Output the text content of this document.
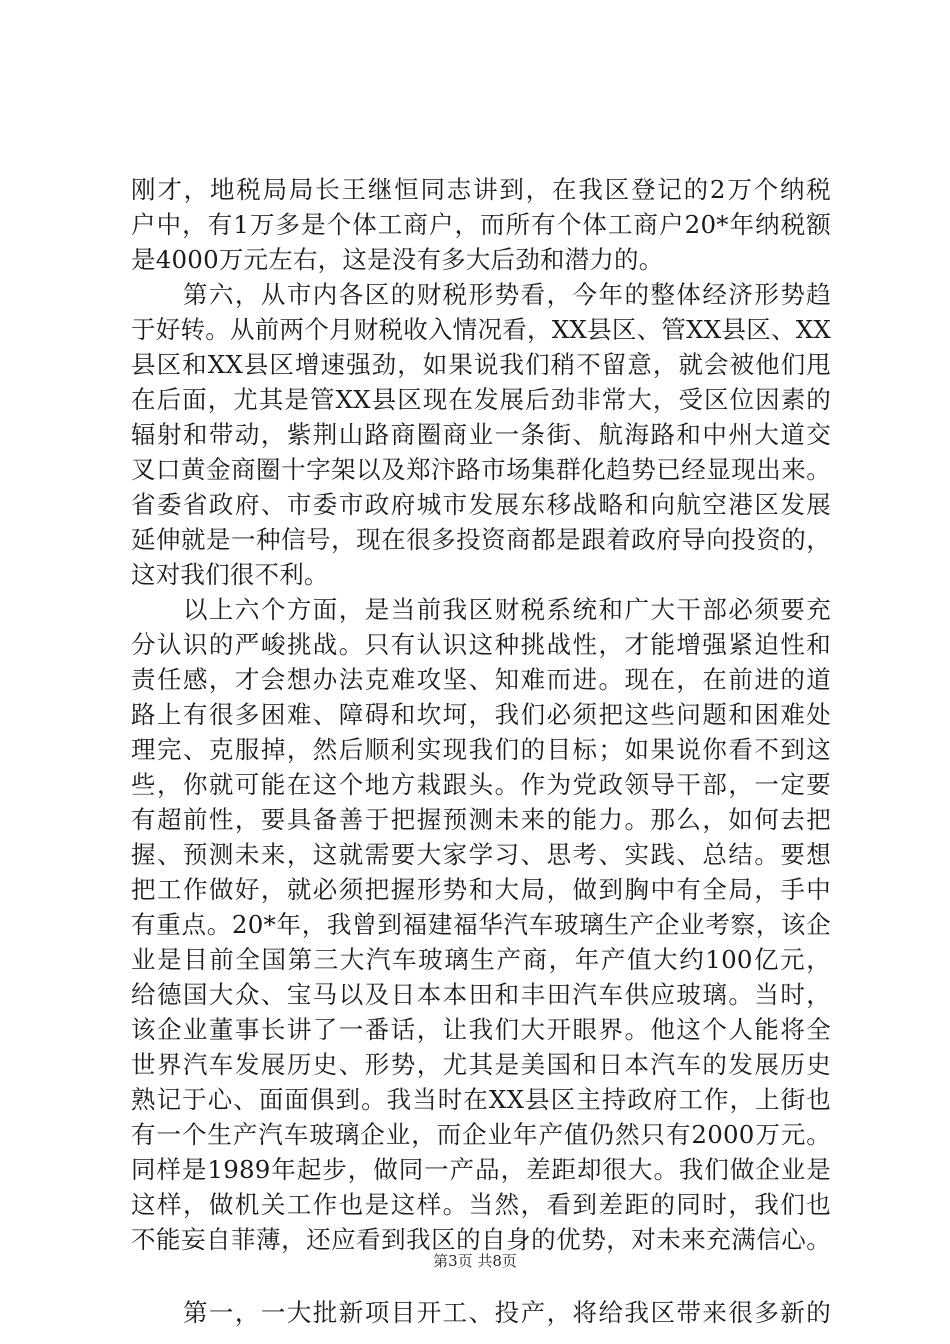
刚才，地税局局长王继恒同志讲到，在我区登记的2万个纳税
户中，有1万多是个体工商户，而所有个体工商户20*年纳税额
是4000万元左右，这是没有多大后劲和潜力的。
　　第六，从市内各区的财税形势看，今年的整体经济形势趋
于好转。从前两个月财税收入情况看，XX县区、管XX县区、XX
县区和XX县区增速强劲，如果说我们稍不留意，就会被他们甩
在后面，尤其是管XX县区现在发展后劲非常大，受区位因素的
辐射和带动，紫荆山路商圈商业一条街、航海路和中州大道交
叉口黄金商圈十字架以及郑汴路市场集群化趋势已经显现出来。
省委省政府、市委市政府城市发展东移战略和向航空港区发展
延伸就是一种信号，现在很多投资商都是跟着政府导向投资的，
这对我们很不利。
　　以上六个方面，是当前我区财税系统和广大干部必须要充
分认识的严峻挑战。只有认识这种挑战性，才能增强紧迫性和
责任感，才会想办法克难攻坚、知难而进。现在，在前进的道
路上有很多困难、障碍和坎坷，我们必须把这些问题和困难处
理完、克服掉，然后顺利实现我们的目标；如果说你看不到这
些，你就可能在这个地方栽跟头。作为党政领导干部，一定要
有超前性，要具备善于把握预测未来的能力。那么，如何去把
握、预测未来，这就需要大家学习、思考、实践、总结。要想
把工作做好，就必须把握形势和大局，做到胸中有全局，手中
有重点。20*年，我曾到福建福华汽车玻璃生产企业考察，该企
业是目前全国第三大汽车玻璃生产商，年产值大约100亿元，
给德国大众、宝马以及日本本田和丰田汽车供应玻璃。当时，
该企业董事长讲了一番话，让我们大开眼界。他这个人能将全
世界汽车发展历史、形势，尤其是美国和日本汽车的发展历史
熟记于心、面面俱到。我当时在XX县区主持政府工作，上街也
有一个生产汽车玻璃企业，而企业年产值仍然只有2000万元。
同样是1989年起步，做同一产品，差距却很大。我们做企业是
这样，做机关工作也是这样。当然，看到差距的同时，我们也
不能妄自菲薄，还应看到我区的自身的优势，对未来充满信心。
　　第一，一大批新项目开工、投产，将给我区带来很多新的
第3页 共8页
